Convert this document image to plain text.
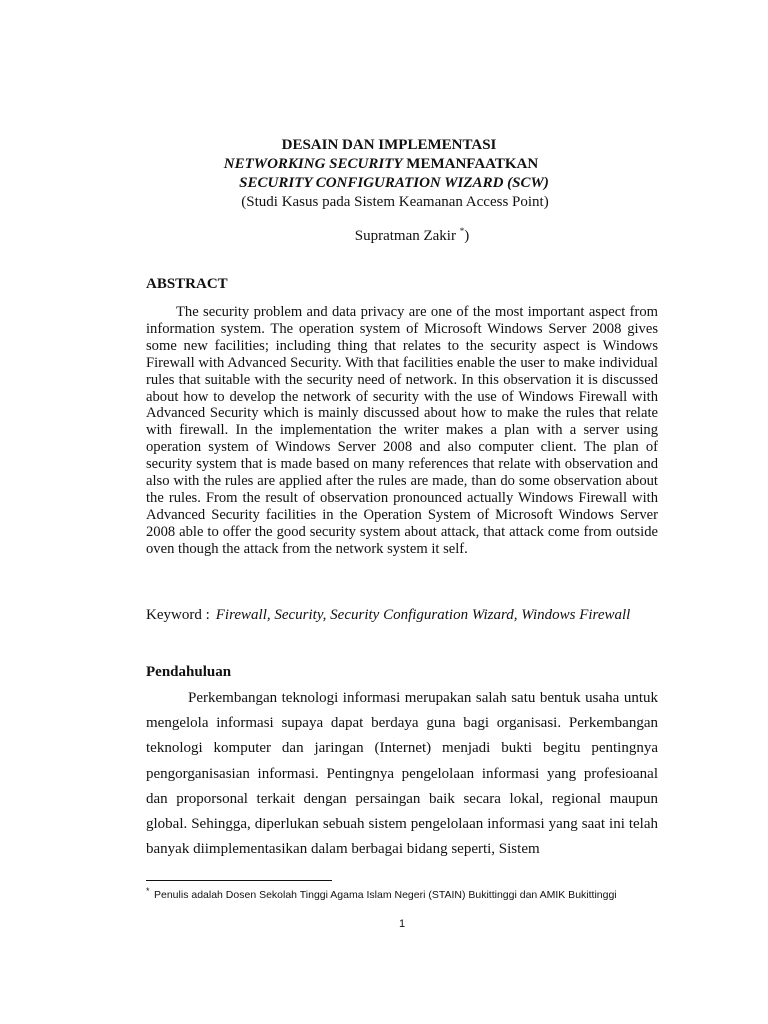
DESAIN DAN IMPLEMENTASI
NETWORKING SECURITY MEMANFAATKAN
SECURITY CONFIGURATION WIZARD (SCW)
(Studi Kasus pada Sistem Keamanan Access Point)
Supratman Zakir *)
ABSTRACT

The security problem and data privacy are one of the most important aspect from information system. The operation system of Microsoft Windows Server 2008 gives some new facilities; including thing that relates to the security aspect is Windows Firewall with Advanced Security. With that facilities enable the user to make individual rules that suitable with the security need of network. In this observation it is discussed about how to develop the network of security with the use of Windows Firewall with Advanced Security which is mainly discussed about how to make the rules that relate with firewall. In the implementation the writer makes a plan with a server using operation system of Windows Server 2008 and also computer client. The plan of security system that is made based on many references that relate with observation and also with the rules are applied after the rules are made, than do some observation about the rules. From the result of observation pronounced actually Windows Firewall with Advanced Security facilities in the Operation System of Microsoft Windows Server 2008 able to offer the good security system about attack, that attack come from outside oven though the attack from the network system it self.

Keyword : Firewall, Security, Security Configuration Wizard, Windows Firewall
Pendahuluan

Perkembangan teknologi informasi merupakan salah satu bentuk usaha untuk mengelola informasi supaya dapat berdaya guna bagi organisasi. Perkembangan teknologi komputer dan jaringan (Internet) menjadi bukti begitu pentingnya pengorganisasian informasi. Pentingnya pengelolaan informasi yang profesioanal dan proporsonal terkait dengan persaingan baik secara lokal, regional maupun global. Sehingga, diperlukan sebuah sistem pengelolaan informasi yang saat ini telah banyak diimplementasikan dalam berbagai bidang seperti, Sistem

* Penulis adalah Dosen Sekolah Tinggi Agama Islam Negeri (STAIN) Bukittinggi dan AMIK Bukittinggi
1
